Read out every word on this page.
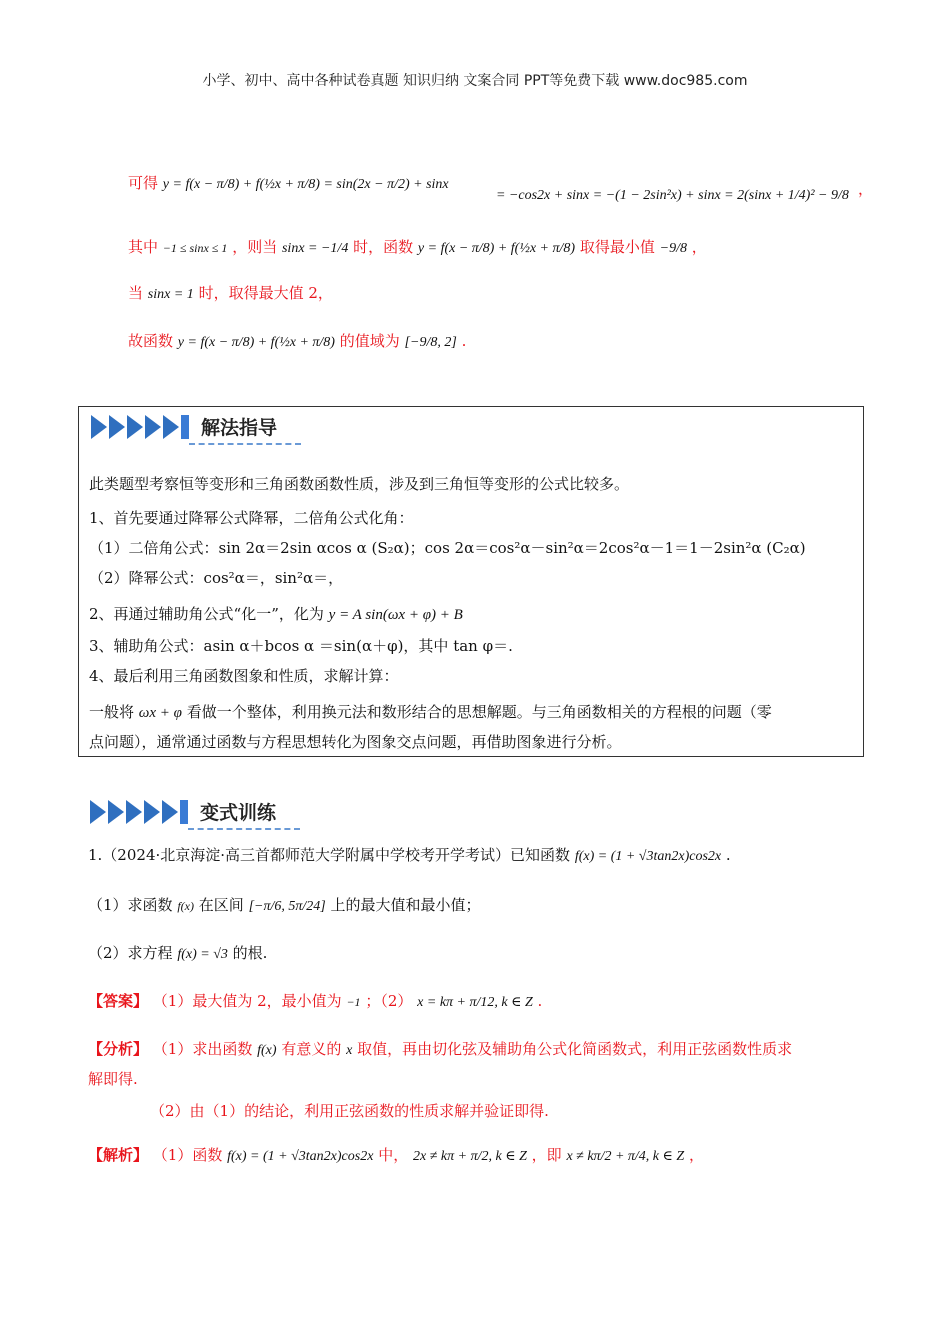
小学、初中、高中各种试卷真题 知识归纳 文案合同 PPT等免费下载 www.doc985.com
可得 y = f(x − π/8) + f(½x + π/8) = sin(2x − π/2) + sinx
= −cos2x + sinx = −(1 − 2sin²x) + sinx = 2(sinx + 1/4)² − 9/8 ，
其中 −1 ≤ sinx ≤ 1 ，则当 sinx = −1/4 时，函数 y = f(x − π/8) + f(½x + π/8) 取得最小值 −9/8 ，
当 sinx = 1 时，取得最大值 2，
故函数 y = f(x − π/8) + f(½x + π/8) 的值域为 [−9/8, 2] .
解法指导
此类题型考察恒等变形和三角函数函数性质，涉及到三角恒等变形的公式比较多。
1、首先要通过降幂公式降幂，二倍角公式化角：
（1）二倍角公式：sin 2α＝2sin αcos α (S₂α)；cos 2α＝cos²α－sin²α＝2cos²α－1＝1－2sin²α (C₂α)
（2）降幂公式：cos²α＝，sin²α＝，
2、再通过辅助角公式“化一”，化为 y = A sin(ωx + φ) + B
3、辅助角公式：asin α＋bcos α ＝sin(α＋φ)，其中 tan φ＝.
4、最后利用三角函数图象和性质，求解计算：
一般将 ωx + φ 看做一个整体，利用换元法和数形结合的思想解题。与三角函数相关的方程根的问题（零
点问题），通常通过函数与方程思想转化为图象交点问题，再借助图象进行分析。
变式训练
1.（2024·北京海淀·高三首都师范大学附属中学校考开学考试）已知函数 f(x) = (1 + √3tan2x)cos2x .
（1）求函数 f(x) 在区间 [−π/6, 5π/24] 上的最大值和最小值；
（2）求方程 f(x) = √3 的根.
【答案】 （1）最大值为 2，最小值为 −1 ；（2） x = kπ + π/12, k ∈ Z .
【分析】 （1）求出函数 f(x) 有意义的 x 取值，再由切化弦及辅助角公式化简函数式，利用正弦函数性质求
解即得.
（2）由（1）的结论，利用正弦函数的性质求解并验证即得.
【解析】 （1）函数 f(x) = (1 + √3tan2x)cos2x 中， 2x ≠ kπ + π/2, k ∈ Z ，即 x ≠ kπ/2 + π/4, k ∈ Z ，
